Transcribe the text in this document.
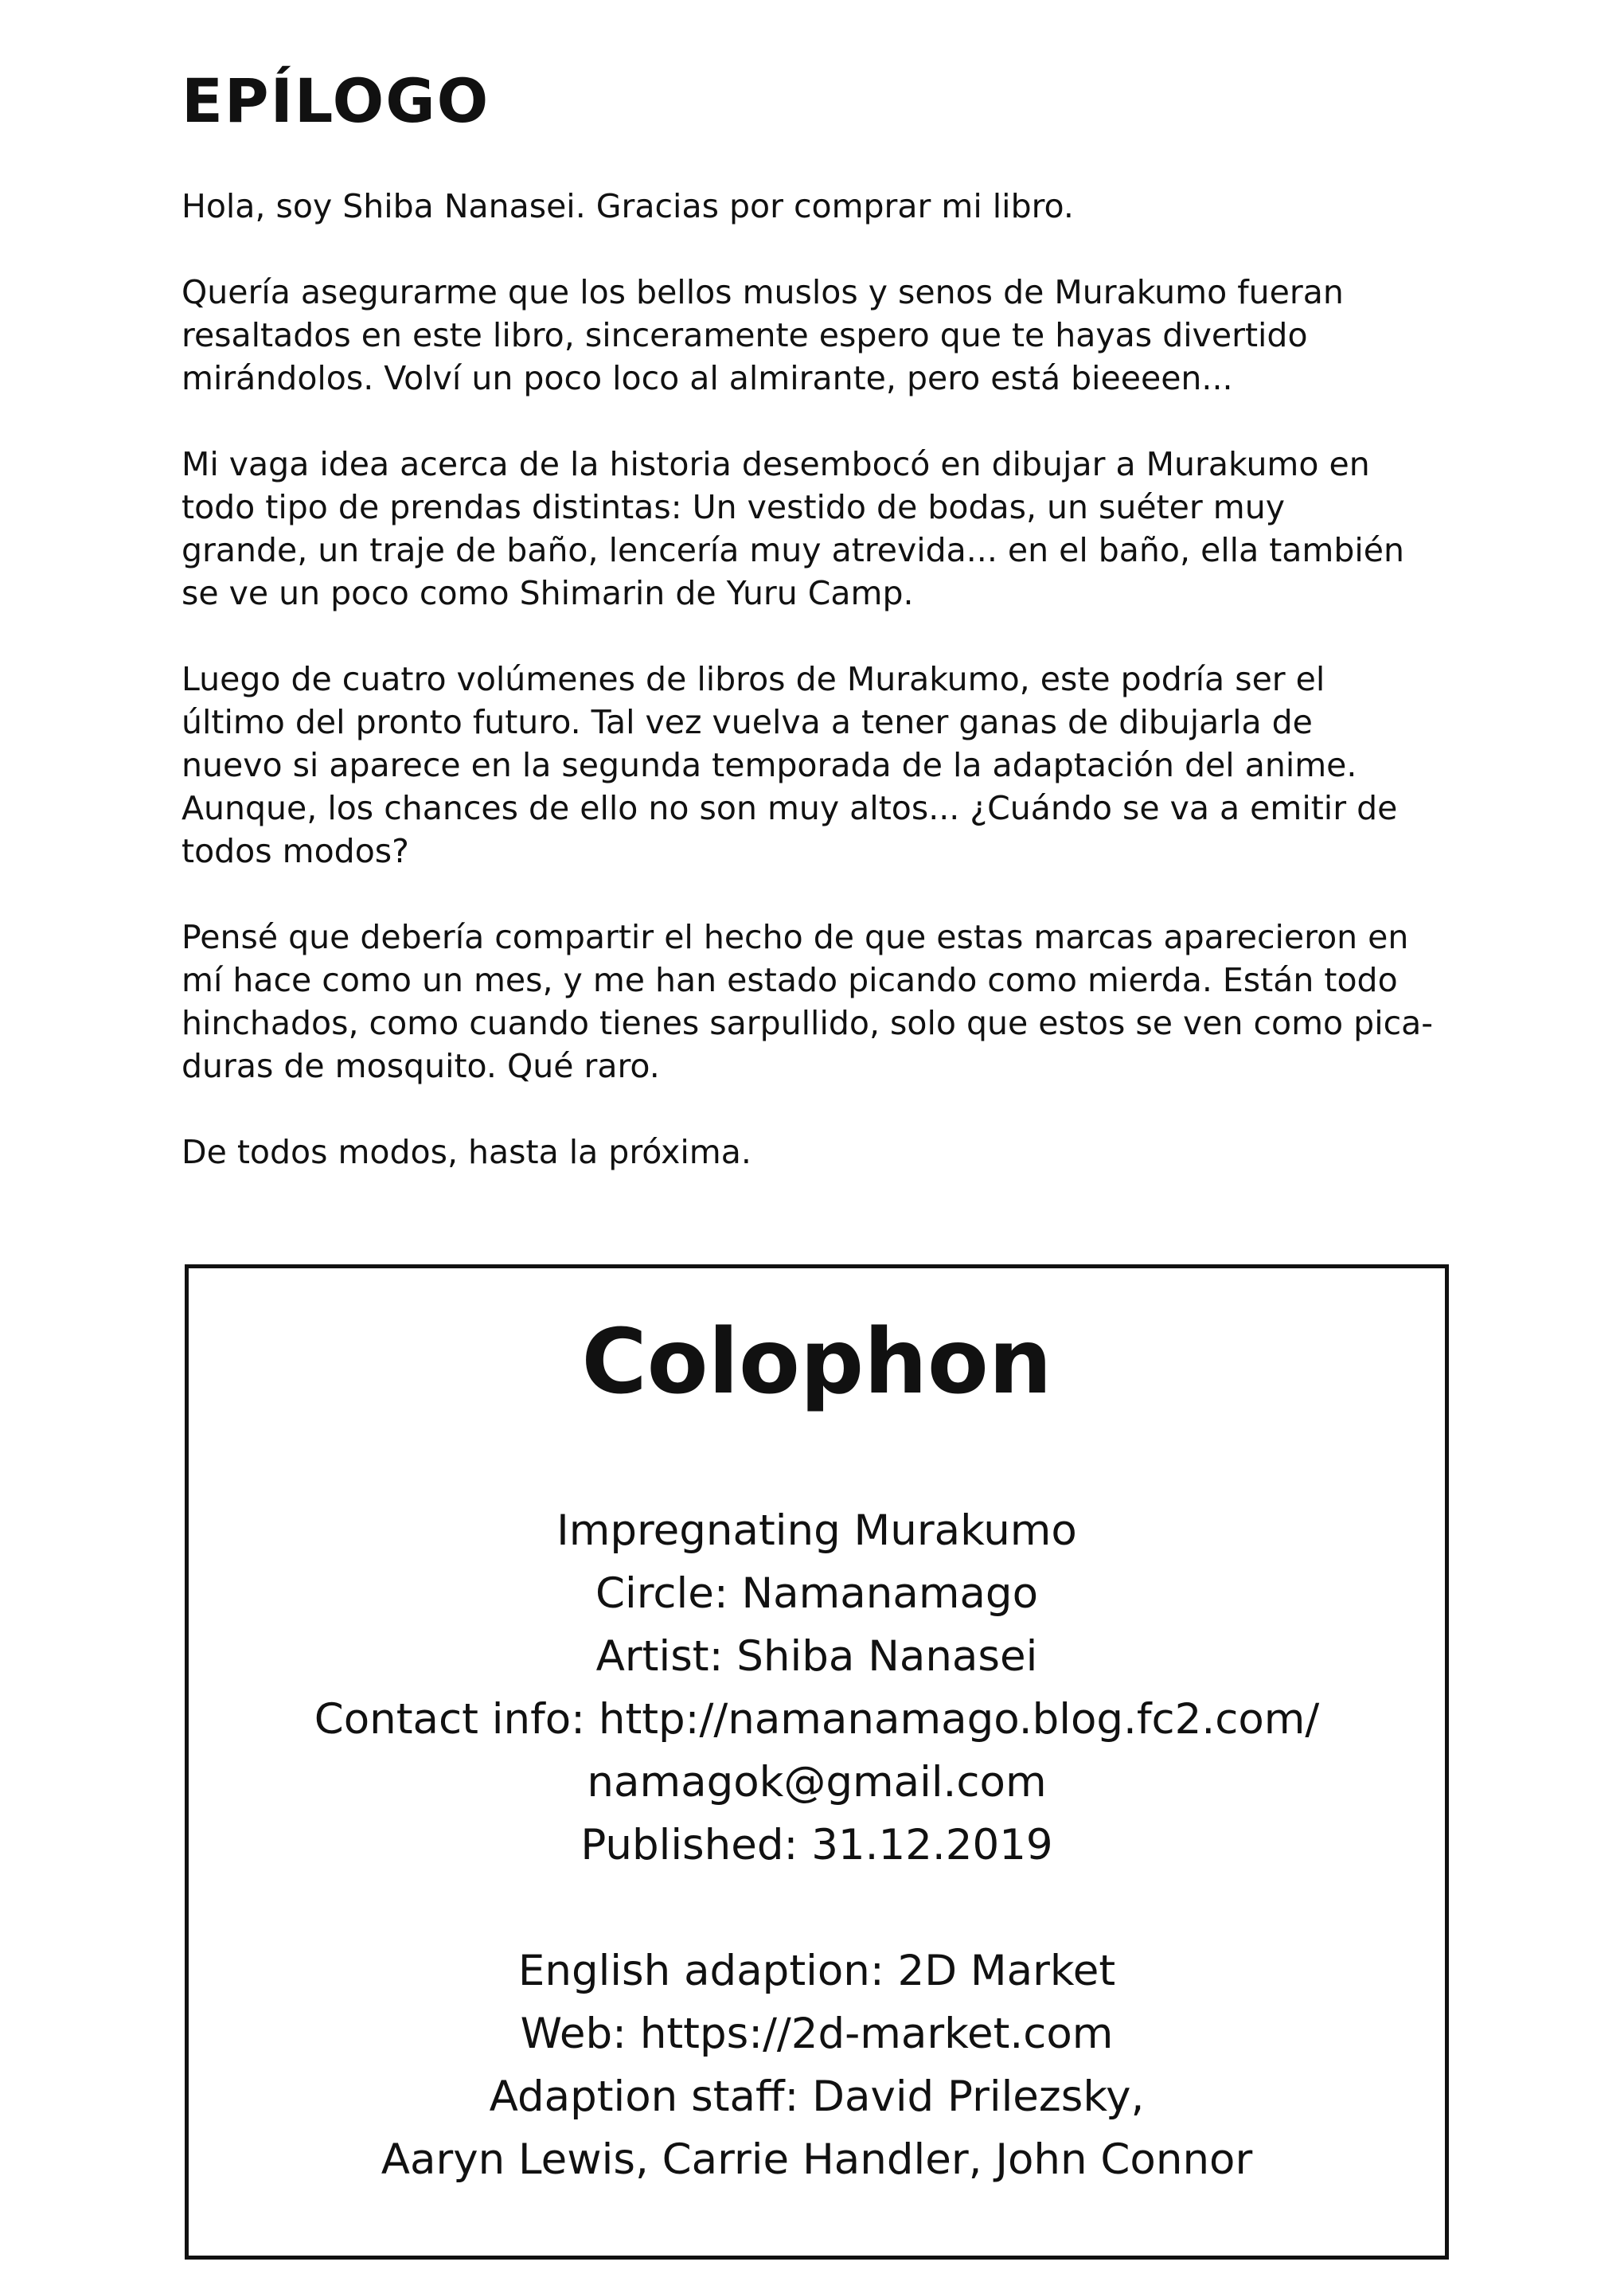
EPÍLOGO

Hola, soy Shiba Nanasei. Gracias por comprar mi libro.

Quería asegurarme que los bellos muslos y senos de Murakumo fueran
resaltados en este libro, sinceramente espero que te hayas divertido
mirándolos. Volví un poco loco al almirante, pero está bieeeen...

Mi vaga idea acerca de la historia desembocó en dibujar a Murakumo en
todo tipo de prendas distintas: Un vestido de bodas, un suéter muy
grande, un traje de baño, lencería muy atrevida... en el baño, ella también
se ve un poco como Shimarin de Yuru Camp.

Luego de cuatro volúmenes de libros de Murakumo, este podría ser el
último del pronto futuro. Tal vez vuelva a tener ganas de dibujarla de
nuevo si aparece en la segunda temporada de la adaptación del anime.
Aunque, los chances de ello no son muy altos... ¿Cuándo se va a emitir de
todos modos?

Pensé que debería compartir el hecho de que estas marcas aparecieron en
mí hace como un mes, y me han estado picando como mierda. Están todo
hinchados, como cuando tienes sarpullido, solo que estos se ven como pica-
duras de mosquito. Qué raro.

De todos modos, hasta la próxima.

Colophon
Impregnating Murakumo
Circle: Namanamago
Artist: Shiba Nanasei
Contact info: http://namanamago.blog.fc2.com/
namagok@gmail.com
Published: 31.12.2019
English adaption: 2D Market
Web: https://2d-market.com
Adaption staff: David Prilezsky,
Aaryn Lewis, Carrie Handler, John Connor
